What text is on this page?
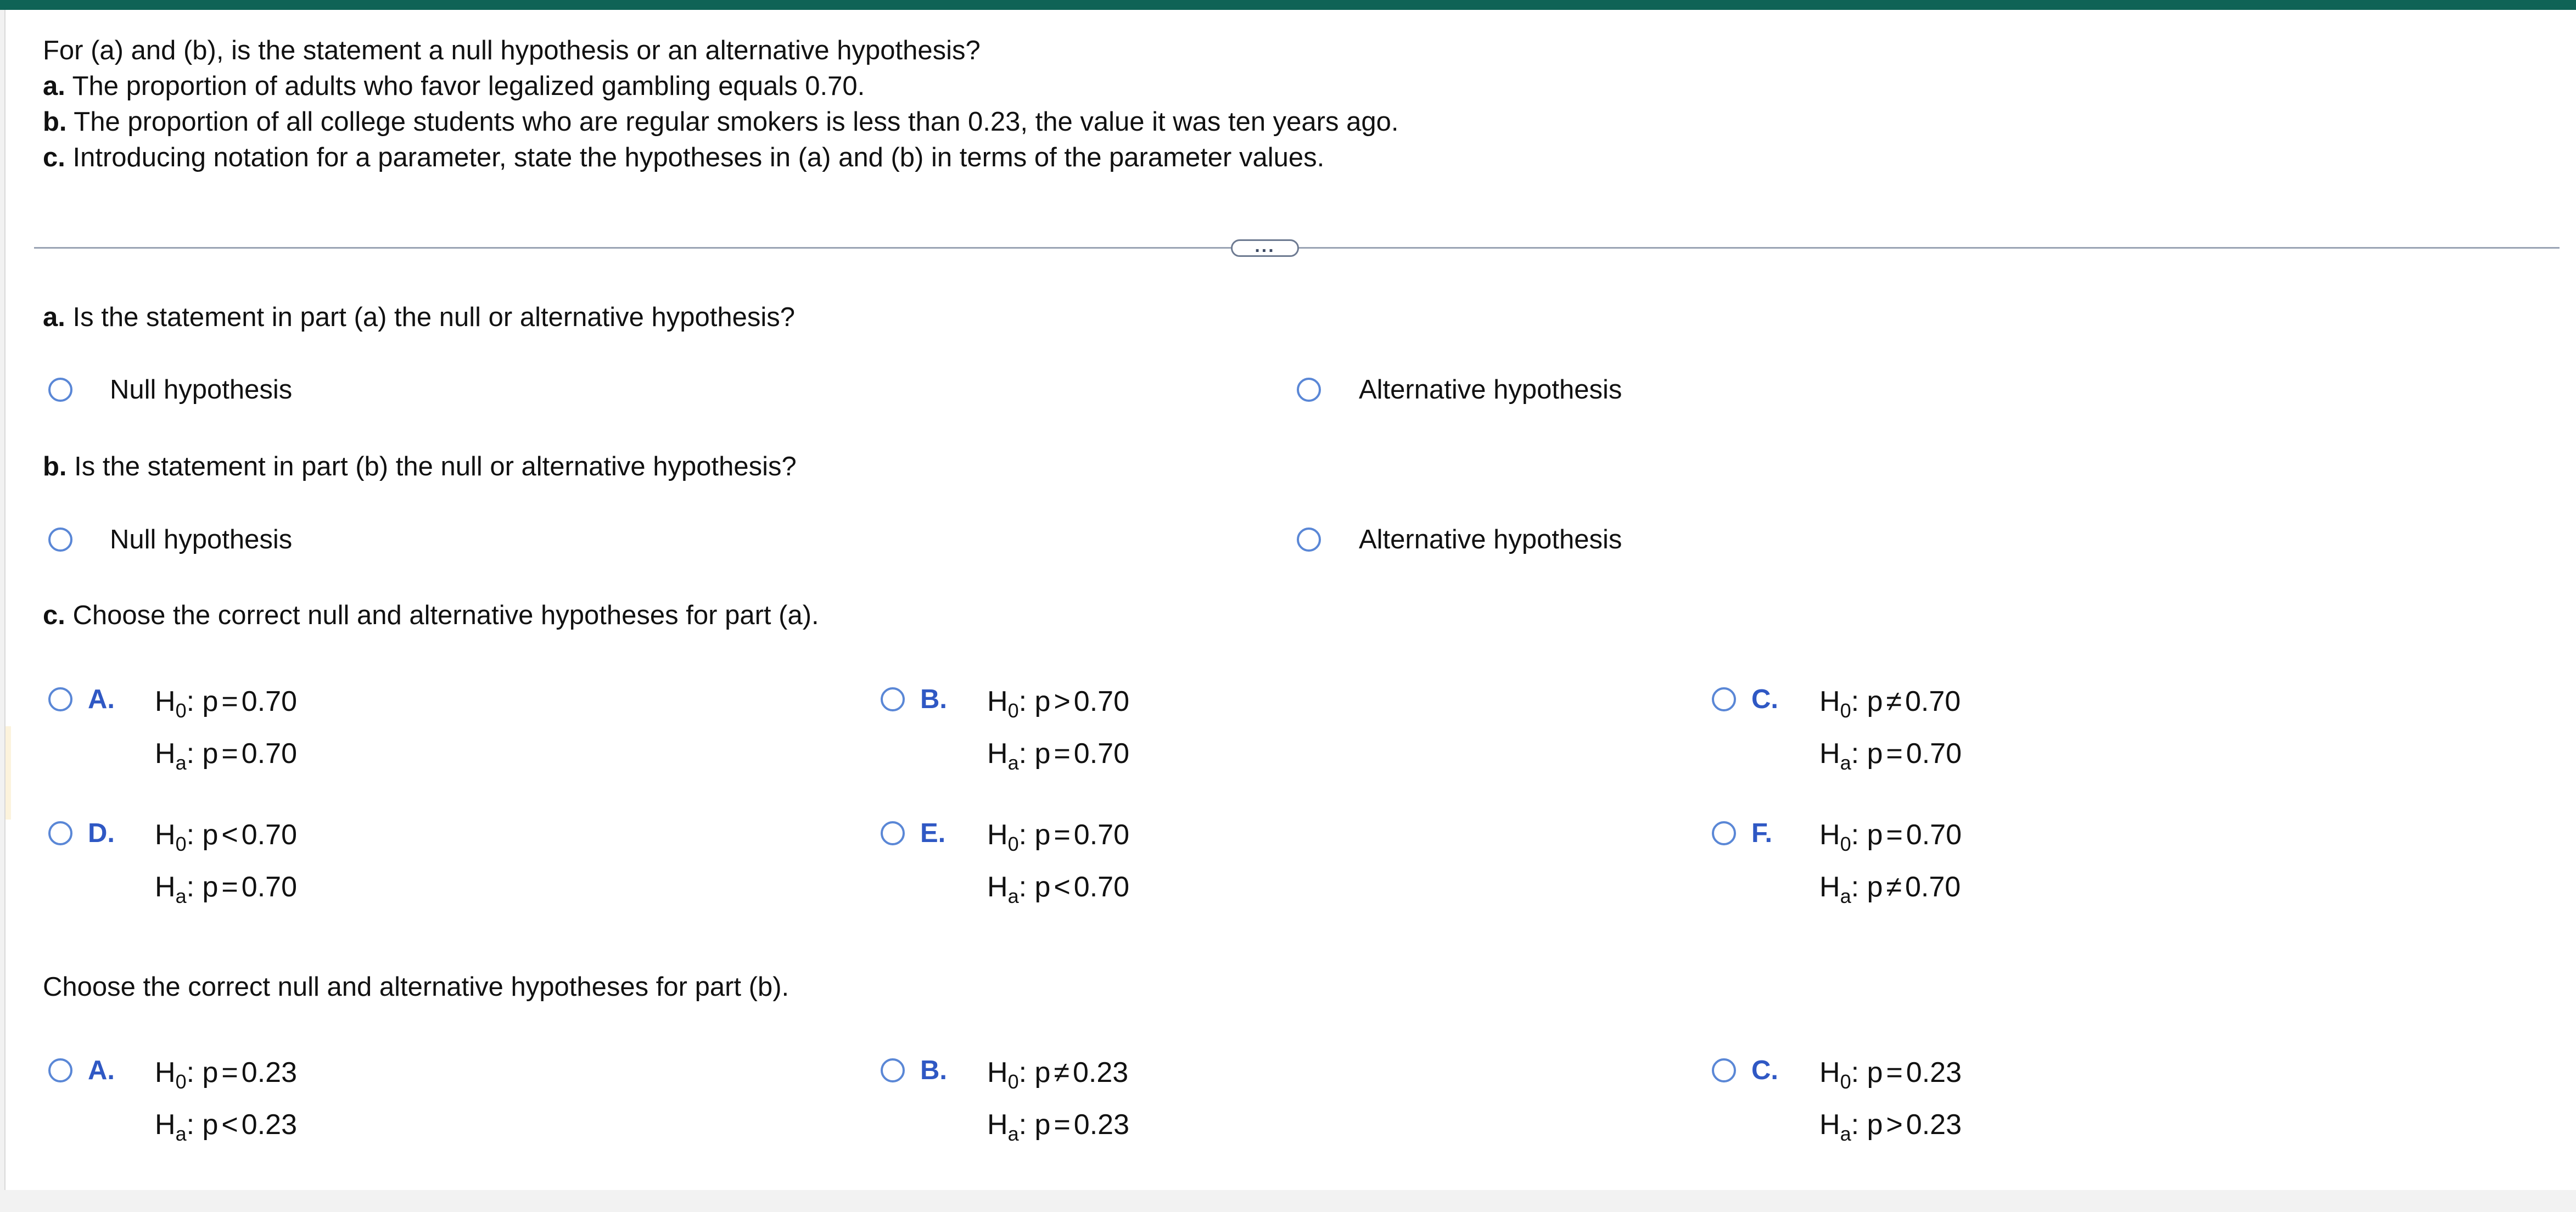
For (a) and (b), is the statement a null hypothesis or an alternative hypothesis?
a. The proportion of adults who favor legalized gambling equals 0.70.
b. The proportion of all college students who are regular smokers is less than 0.23, the value it was ten years ago.
c. Introducing notation for a parameter, state the hypotheses in (a) and (b) in terms of the parameter values.
...
a. Is the statement in part (a) the null or alternative hypothesis?
Null hypothesis	Alternative hypothesis
b. Is the statement in part (b) the null or alternative hypothesis?
Null hypothesis	Alternative hypothesis
c. Choose the correct null and alternative hypotheses for part (a).
A. $H_0$: p = 0.70
$H_a$: p = 0.70
B. $H_0$: p > 0.70
$H_a$: p = 0.70
C. $H_0$: p ≠ 0.70
$H_a$: p = 0.70
D. $H_0$: p < 0.70
$H_a$: p = 0.70
E. $H_0$: p = 0.70
$H_a$: p < 0.70
F. $H_0$: p = 0.70
$H_a$: p ≠ 0.70
Choose the correct null and alternative hypotheses for part (b).
A. $H_0$: p = 0.23
$H_a$: p < 0.23
B. $H_0$: p ≠ 0.23
$H_a$: p = 0.23
C. $H_0$: p = 0.23
$H_a$: p > 0.23
